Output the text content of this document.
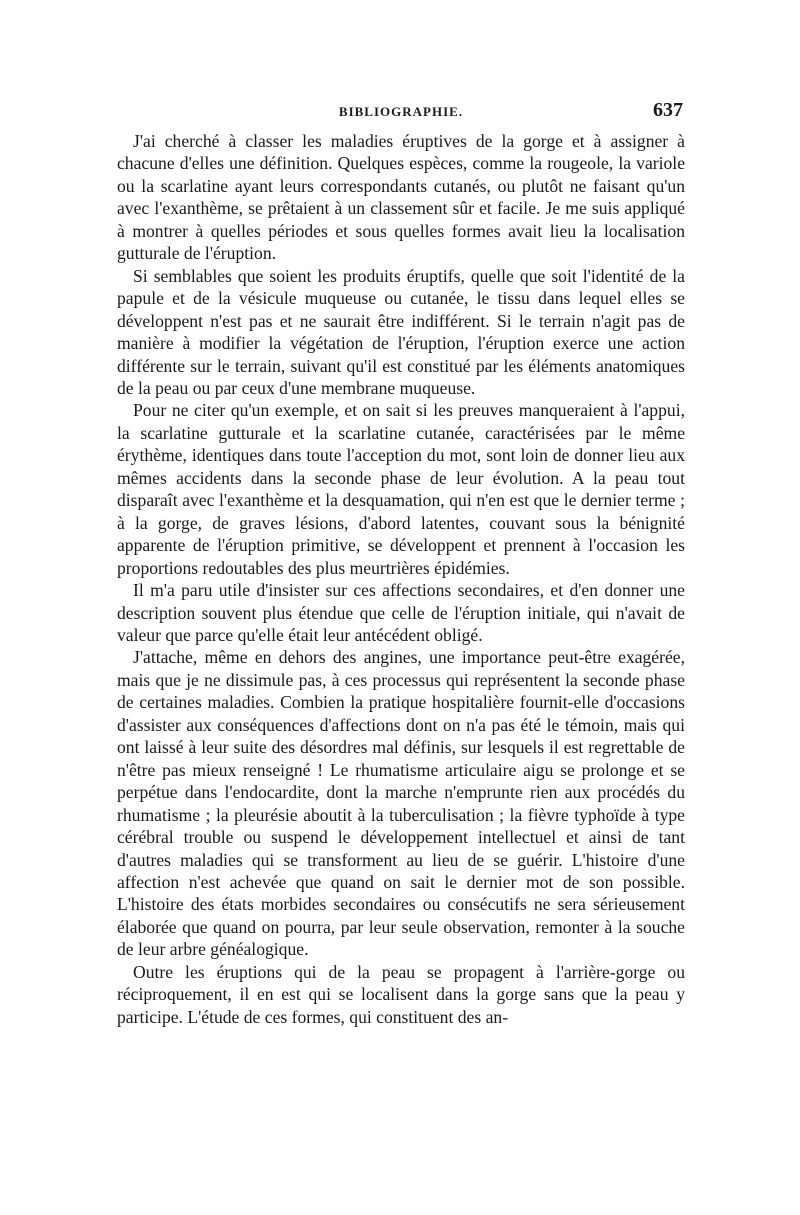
BIBLIOGRAPHIE.	637

J'ai cherché à classer les maladies éruptives de la gorge et à assigner à chacune d'elles une définition. Quelques espèces, comme la rougeole, la variole ou la scarlatine ayant leurs correspondants cutanés, ou plutôt ne faisant qu'un avec l'exanthème, se prêtaient à un classement sûr et facile. Je me suis appliqué à montrer à quelles périodes et sous quelles formes avait lieu la localisation gutturale de l'éruption.

Si semblables que soient les produits éruptifs, quelle que soit l'identité de la papule et de la vésicule muqueuse ou cutanée, le tissu dans lequel elles se développent n'est pas et ne saurait être indifférent. Si le terrain n'agit pas de manière à modifier la végétation de l'éruption, l'éruption exerce une action différente sur le terrain, suivant qu'il est constitué par les éléments anatomiques de la peau ou par ceux d'une membrane muqueuse.

Pour ne citer qu'un exemple, et on sait si les preuves manqueraient à l'appui, la scarlatine gutturale et la scarlatine cutanée, caractérisées par le même érythème, identiques dans toute l'acception du mot, sont loin de donner lieu aux mêmes accidents dans la seconde phase de leur évolution. A la peau tout disparaît avec l'exanthème et la desquamation, qui n'en est que le dernier terme ; à la gorge, de graves lésions, d'abord latentes, couvant sous la bénignité apparente de l'éruption primitive, se développent et prennent à l'occasion les proportions redoutables des plus meurtrières épidémies.

Il m'a paru utile d'insister sur ces affections secondaires, et d'en donner une description souvent plus étendue que celle de l'éruption initiale, qui n'avait de valeur que parce qu'elle était leur antécédent obligé.

J'attache, même en dehors des angines, une importance peut-être exagérée, mais que je ne dissimule pas, à ces processus qui représentent la seconde phase de certaines maladies. Combien la pratique hospitalière fournit-elle d'occasions d'assister aux conséquences d'affections dont on n'a pas été le témoin, mais qui ont laissé à leur suite des désordres mal définis, sur lesquels il est regrettable de n'être pas mieux renseigné ! Le rhumatisme articulaire aigu se prolonge et se perpétue dans l'endocardite, dont la marche n'emprunte rien aux procédés du rhumatisme ; la pleurésie aboutit à la tuberculisation ; la fièvre typhoïde à type cérébral trouble ou suspend le développement intellectuel et ainsi de tant d'autres maladies qui se transforment au lieu de se guérir. L'histoire d'une affection n'est achevée que quand on sait le dernier mot de son possible. L'histoire des états morbides secondaires ou consécutifs ne sera sérieusement élaborée que quand on pourra, par leur seule observation, remonter à la souche de leur arbre généalogique.

Outre les éruptions qui de la peau se propagent à l'arrière-gorge ou réciproquement, il en est qui se localisent dans la gorge sans que la peau y participe. L'étude de ces formes, qui constituent des an-
